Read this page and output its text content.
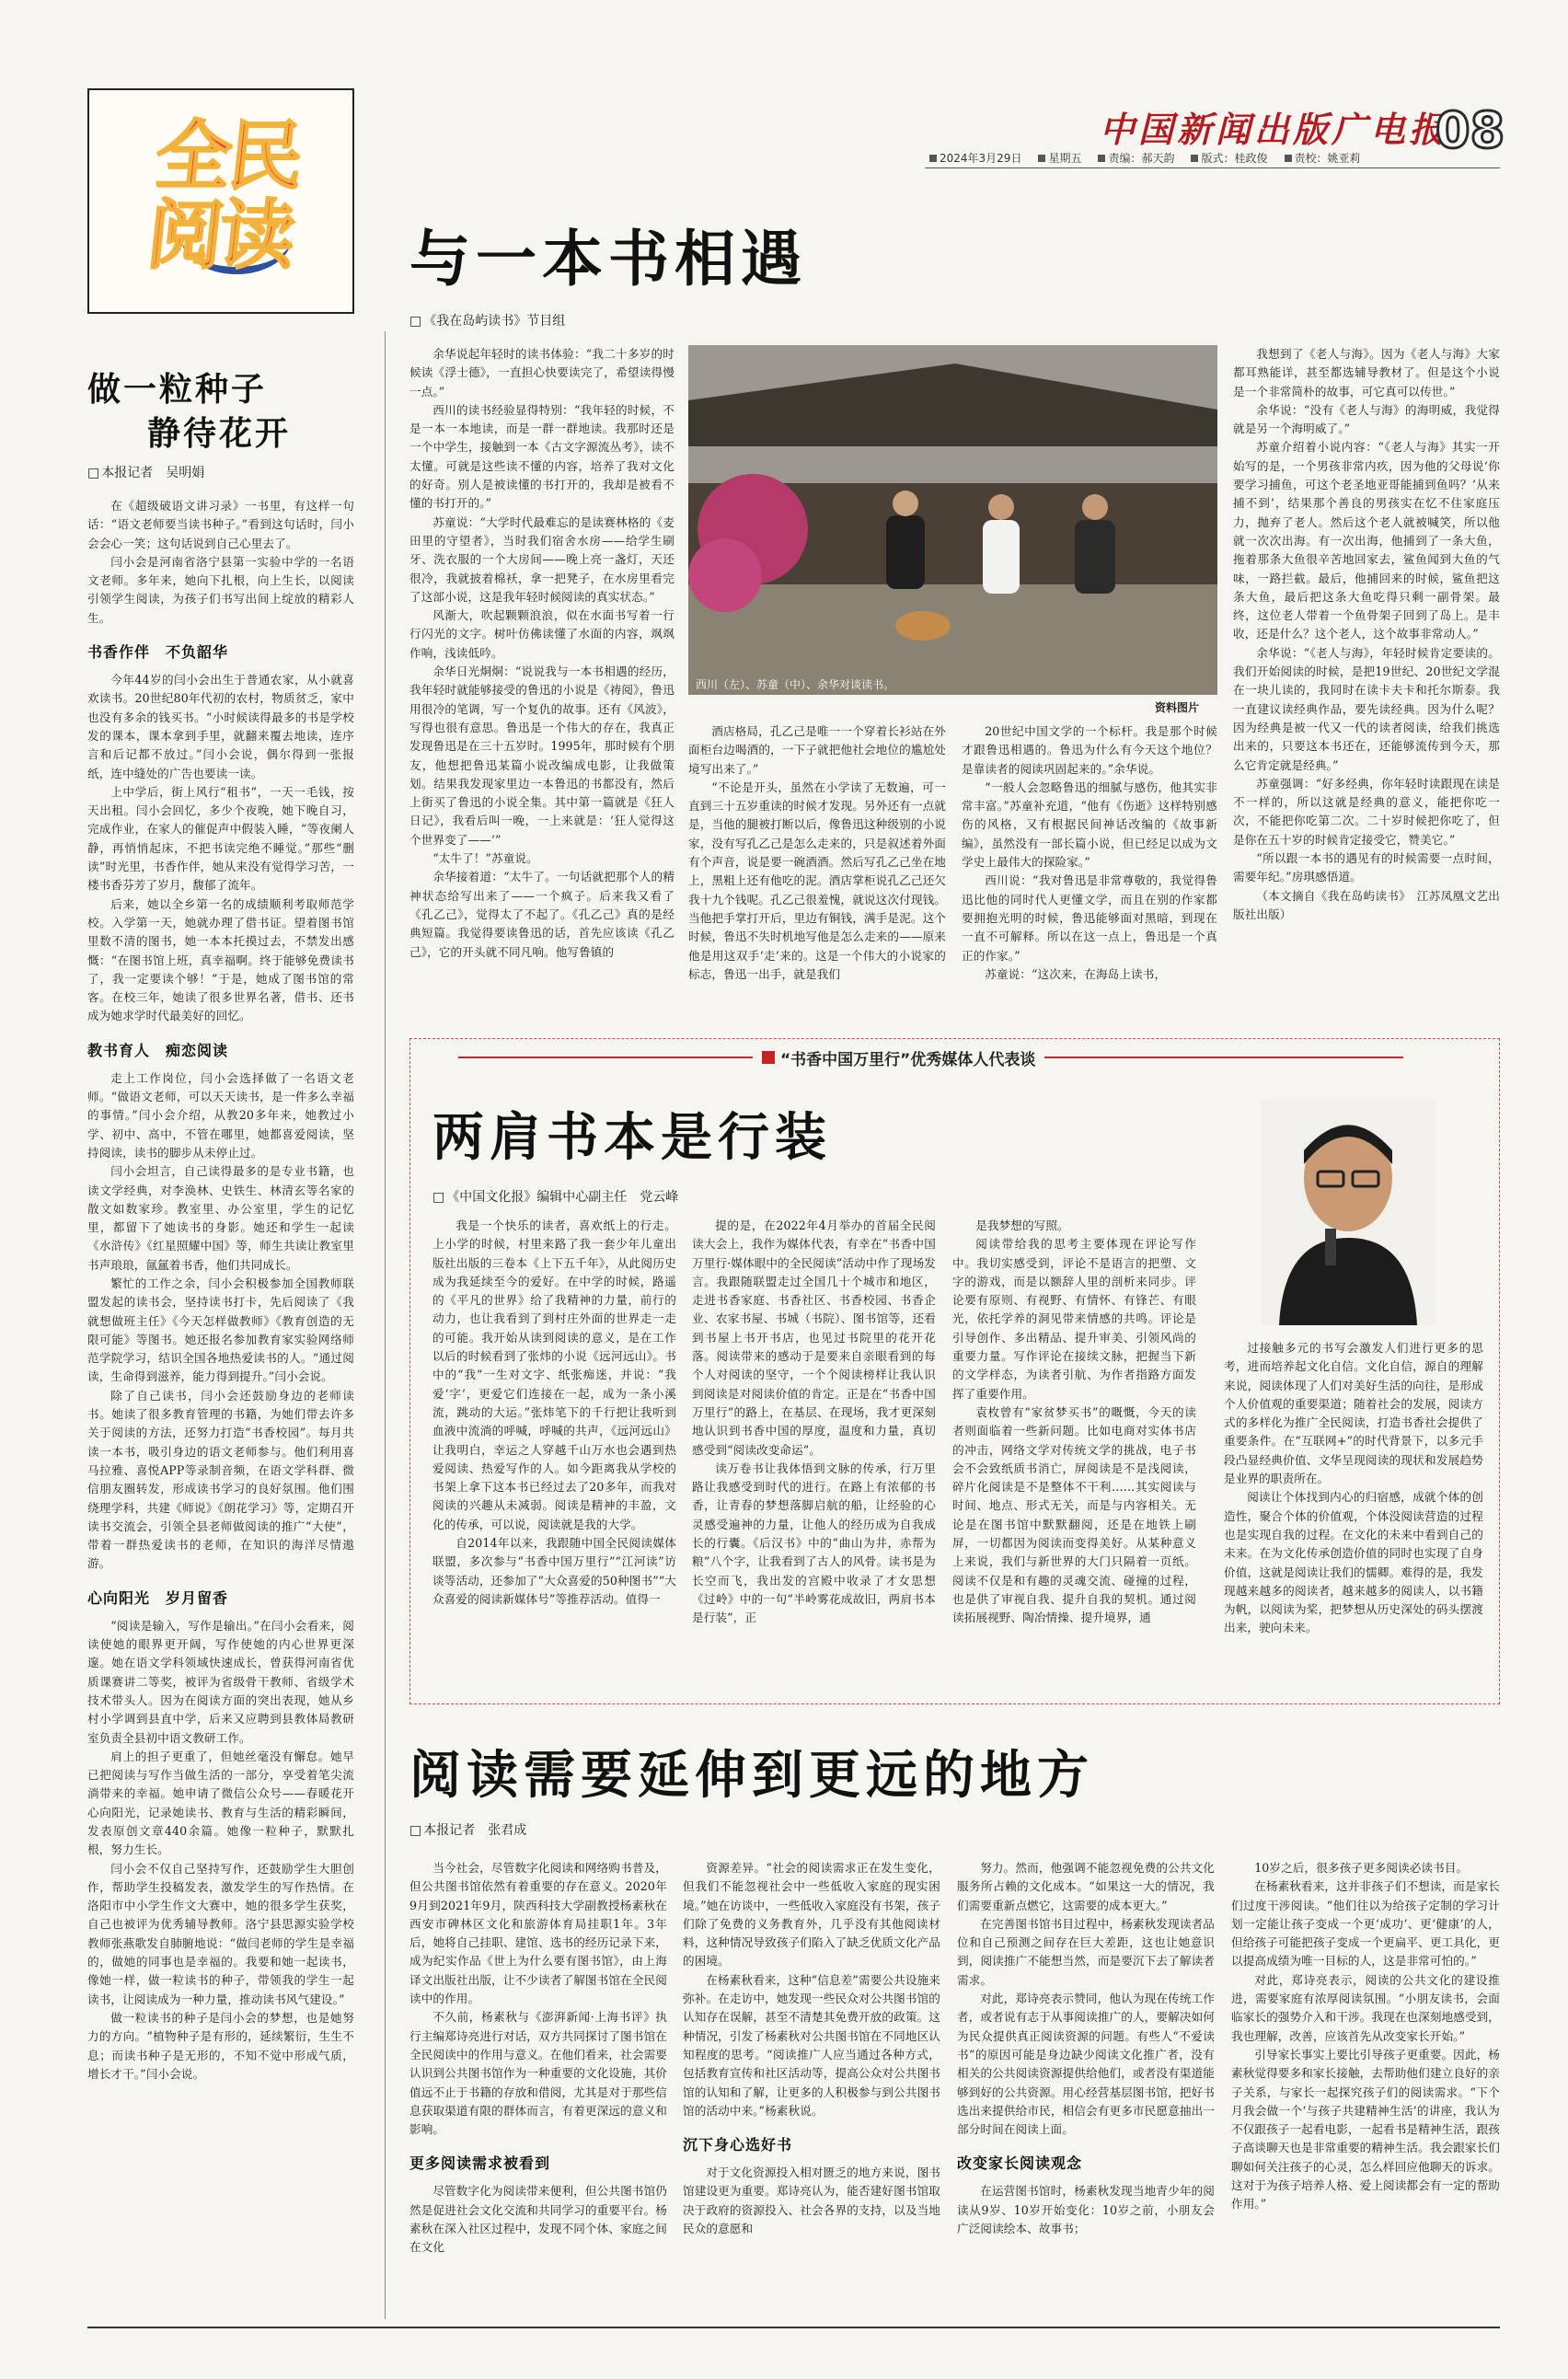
中国新闻出版广电报
08
2024年3月29日	星期五	责编：郝天韵	版式：桂政俊	责校：姚亚莉
全民阅读	与一本书相遇
□ 《我在岛屿读书》节目组
西川（左）、苏童（中）、余华对谈读书。
资料图片

余华说起年轻时的读书体验：“我二十多岁的时候读《浮士德》，一直担心快要读完了，希望读得慢一点。”

西川的读书经验显得特别：“我年轻的时候，不是一本一本地读，而是一群一群地读。我那时还是一个中学生，接触到一本《古文字源流丛考》，读不太懂。可就是这些读不懂的内容，培养了我对文化的好奇。别人是被读懂的书打开的，我却是被看不懂的书打开的。”

苏童说：“大学时代最难忘的是读赛林格的《麦田里的守望者》，当时我们宿舍水房——给学生刷牙、洗衣服的一个大房间——晚上亮一盏灯，天还很冷，我就披着棉袄，拿一把凳子，在水房里看完了这部小说，这是我年轻时候阅读的真实状态。”

风渐大，吹起颗颗浪浪，似在水面书写着一行行闪光的文字。树叶仿佛读懂了水面的内容，飒飒作响，浅读低吟。

余华日光烔烔：“说说我与一本书相遇的经历，我年轻时就能够接受的鲁迅的小说是《祷阅》，鲁迅用很冷的笔调，写一个复仇的故事。还有《风波》，写得也很有意思。鲁迅是一个伟大的存在，我真正发现鲁迅是在三十五岁时。1995年，那时候有个朋友，他想把鲁迅某篇小说改编成电影，让我做策划。结果我发现家里边一本鲁迅的书都没有，然后上街买了鲁迅的小说全集。其中第一篇就是《狂人日记》，我看后叫一晚，一上来就是：‘狂人觉得这个世界变了——’”

“太牛了！”苏童说。

余华接着道：“太牛了。一句话就把那个人的精神状态给写出来了——一个疯子。后来我又看了《孔乙己》，觉得太了不起了。《孔乙己》真的是经典短篇。我觉得要读鲁迅的话，首先应该读《孔乙己》，它的开头就不同凡响。他写鲁镇的

酒店格局，孔乙己是唯一一个穿着长衫站在外面柜台边喝酒的，一下子就把他社会地位的尴尬处境写出来了。”

“不论是开头，虽然在小学读了无数遍，可一直到三十五岁重读的时候才发现。另外还有一点就是，当他的腿被打断以后，像鲁迅这种级别的小说家，没有写孔乙己是怎么走来的，只是叙述着外面有个声音，说是要一碗酒酒。然后写孔乙己坐在地上，黑粗上还有他吃的泥。酒店掌柜说孔乙己还欠我十九个钱呢。孔乙己很羞愧，就说这次付现钱。当他把手掌打开后，里边有铜钱，满手是泥。这个时候，鲁迅不失时机地写他是怎么走来的——原来他是用这双手‘走’来的。这是一个伟大的小说家的标志，鲁迅一出手，就是我们

20世纪中国文学的一个标杆。我是那个时候才跟鲁迅相遇的。鲁迅为什么有今天这个地位？是靠读者的阅读巩固起来的。”余华说。

“一般人会忽略鲁迅的细腻与感伤，他其实非常丰富。”苏童补充道，“他有《伤逝》这样特别感伤的风格，又有根据民间神话改编的《故事新编》，虽然没有一部长篇小说，但已经足以成为文学史上最伟大的探险家。”

西川说：“我对鲁迅是非常尊敬的，我觉得鲁迅比他的同时代人更懂文学，而且在别的作家都要拥抱光明的时候，鲁迅能够面对黑暗，到现在一直不可解释。所以在这一点上，鲁迅是一个真正的作家。”

苏童说：“这次来，在海岛上读书，

我想到了《老人与海》。因为《老人与海》大家都耳熟能详，甚至都选辅导教材了。但是这个小说是一个非常简朴的故事，可它真可以传世。”

余华说：“没有《老人与海》的海明威，我觉得就是另一个海明威了。”

苏童介绍着小说内容：“《老人与海》其实一开始写的是，一个男孩非常内疚，因为他的父母说‘你要学习捕鱼，可这个老圣地亚哥能捕到鱼吗？’从来捕不到’，结果那个善良的男孩实在忆不住家庭压力，抛弃了老人。然后这个老人就被喊笑，所以他就一次次出海。有一次出海，他捕到了一条大鱼，拖着那条大鱼很辛苦地回家去，鲨鱼闻到大鱼的气味，一路拦截。最后，他捕回来的时候，鲨鱼把这条大鱼，最后把这条大鱼吃得只剩一副骨架。最终，这位老人带着一个鱼骨架子回到了岛上。是丰收，还是什么？这个老人，这个故事非常动人。”

余华说：“《老人与海》，年轻时候肯定要读的。我们开始阅读的时候，是把19世纪、20世纪文学混在一块儿读的，我同时在读卡夫卡和托尔斯泰。我一直建议读经典作品，要先读经典。因为什么呢？因为经典是被一代又一代的读者阅读，给我们挑选出来的，只要这本书还在，还能够流传到今天，那么它肯定就是经典。”

苏童强调：“好多经典，你年轻时读跟现在读是不一样的，所以这就是经典的意义，能把你吃一次，不能把你吃第二次。二十岁时候把你吃了，但是你在五十岁的时候肯定接受它，赞美它。”

“所以跟一本书的遇见有的时候需要一点时间，需要年纪。”房琪感悟道。

（本文摘自《我在岛屿读书》　江苏凤凰文艺出版社出版）

做一粒种子
静待花开
□ 本报记者　吴明娟

在《超级破语文讲习录》一书里，有这样一句话：“语文老师要当读书种子。”看到这句话时，闫小会会心一笑；这句话说到自己心里去了。

闫小会是河南省洛宁县第一实验中学的一名语文老师。多年来，她向下扎根，向上生长，以阅读引领学生阅读，为孩子们书写出间上绽放的精彩人生。

书香作伴　不负韶华

今年44岁的闫小会出生于普通农家，从小就喜欢读书。20世纪80年代初的农村，物质贫乏，家中也没有多余的钱买书。“小时候读得最多的书是学校发的课本，课本拿到手里，就翻来覆去地读，连序言和后记都不放过。”闫小会说，偶尔得到一张报纸，连中缝处的广告也要读一读。

上中学后，街上风行“租书”，一天一毛钱，按天出租。闫小会回忆，多少个夜晚，她下晚自习，完成作业，在家人的催促声中假装入睡，“等夜阑人静，再悄悄起床，不把书读完绝不睡觉。”那些“删读”时光里，书香作伴，她从来没有觉得学习苦，一楼书香芬芳了岁月，馥郁了流年。

后来，她以全乡第一名的成绩顺利考取师范学校。入学第一天，她就办理了借书证。望着图书馆里数不清的图书，她一本本托摸过去，不禁发出感慨：“在图书馆上班，真幸福啊。终于能够免费读书了，我一定要读个够！”于是，她成了图书馆的常客。在校三年，她读了很多世界名著，借书、还书成为她求学时代最美好的回忆。

教书育人　痴恋阅读

走上工作岗位，闫小会选择做了一名语文老师。“做语文老师，可以天天读书，是一件多么幸福的事情。”闫小会介绍，从教20多年来，她教过小学、初中、高中，不管在哪里，她都喜爱阅读，坚持阅读，读书的脚步从未停止过。

闫小会坦言，自己读得最多的是专业书籍，也读文学经典，对李涣林、史铁生、林清玄等名家的散文如数家珍。教室里、办公室里，学生的记忆里，都留下了她读书的身影。她还和学生一起读《水浒传》《红星照耀中国》等，师生共读让教室里书声琅琅，氤氲着书香，他们共同成长。

繁忙的工作之余，闫小会积极参加全国教师联盟发起的读书会，坚持读书打卡，先后阅读了《我就想做班主任》《今天怎样做教师》《教育创造的无限可能》等图书。她还报名参加教育家实验网络师范学院学习，结识全国各地热爱读书的人。“通过阅读，生命得到滋养，能力得到提升。”闫小会说。

除了自己读书，闫小会还鼓励身边的老师读书。她读了很多教育管理的书籍，为她们带去许多关于阅读的方法，还努力打造“书香校园”。每月共读一本书，吸引身边的语文老师参与。他们利用喜马拉雅、喜悦APP等录制音频，在语文学科群、微信朋友圈转发，形成读书学习的良好氛围。他们围绕理学科，共建《师说》《朗花学习》等，定期召开读书交流会，引领全县老师做阅读的推广“大使”，带着一群热爱读书的老师，在知识的海洋尽情遨游。

心向阳光　岁月留香

“阅读是输入，写作是输出。”在闫小会看来，阅读使她的眼界更开阔，写作使她的内心世界更深邃。她在语文学科领域快速成长，曾获得河南省优质课赛讲二等奖，被评为省级骨干教师、省级学术技术带头人。因为在阅读方面的突出表现，她从乡村小学调到县直中学，后来又应聘到县教体局教研室负责全县初中语文教研工作。

肩上的担子更重了，但她丝毫没有懈怠。她早已把阅读与写作当做生活的一部分，享受着笔尖流淌带来的幸福。她申请了微信公众号——春暖花开心向阳光，记录她读书、教育与生活的精彩瞬间，发表原创文章440余篇。她像一粒种子，默默扎根，努力生长。

闫小会不仅自己坚持写作，还鼓励学生大胆创作，帮助学生投稿发表，激发学生的写作热情。在洛阳市中小学生作文大赛中，她的很多学生获奖，自己也被评为优秀辅导教师。洛宁县思源实验学校教师张燕歌发自肺腑地说：“做闫老师的学生是幸福的，做她的同事也是幸福的。我要和她一起读书，像她一样，做一粒读书的种子，带领我的学生一起读书，让阅读成为一种力量，推动读书风气建设。”

做一粒读书的种子是闫小会的梦想，也是她努力的方向。“植物种子是有形的，延续繁衍，生生不息；而读书种子是无形的，不知不觉中形成气质，增长才干。”闫小会说。

“书香中国万里行”优秀媒体人代表谈
两肩书本是行装
□ 《中国文化报》编辑中心副主任　党云峰

我是一个快乐的读者，喜欢纸上的行走。上小学的时候，村里来路了我一套少年儿童出版社出版的三卷本《上下五千年》，从此阅历史成为我延续至今的爱好。在中学的时候，路遥的《平凡的世界》给了我精神的力量，前行的动力，也让我看到了到村庄外面的世界走一走的可能。我开始从读到阅读的意义，是在工作以后的时候看到了张炜的小说《远河远山》。书中的“我”一生对文字、纸张痴迷，并说：“我爱‘字’，更爱它们连接在一起，成为一条小溪流，跳动的大运。”张炜笔下的千行把让我听到血液中流淌的呼喊，呼喊的共声，《远河远山》让我明白，幸运之人穿越千山万水也会遇到热爱阅读、热爱写作的人。如今距离我从学校的书架上拿下这本书已经过去了20多年，而我对阅读的兴趣从未减弱。阅读是精神的丰盈，文化的传承，可以说，阅读就是我的大学。

自2014年以来，我跟随中国全民阅读媒体联盟，多次参与“书香中国万里行”“江河读”访谈等活动，还参加了“大众喜爱的50种图书”“大众喜爱的阅读新媒体号”等推荐活动。值得一

提的是，在2022年4月举办的首届全民阅读大会上，我作为媒体代表，有幸在“书香中国万里行·媒体眼中的全民阅读”活动中作了现场发言。我跟随联盟走过全国几十个城市和地区，走进书香家庭、书香社区、书香校园、书香企业、农家书屋、书城（书院）、图书馆等，还看到书屋上书开书店，也见过书院里的花开花落。阅读带来的感动于是要来自亲眼看到的每个人对阅读的坚守，一个个阅读榜样让我认识到阅读是对阅读价值的肯定。正是在“书香中国万里行”的路上，在基层、在现场，我才更深刻地认识到书香中国的厚度，温度和力量，真切感受到“阅读改变命运”。

读万卷书让我体悟到文脉的传承，行万里路让我感受到时代的进行。在路上有浓郁的书香，让青春的梦想落脚启航的船，让经验的心灵感受遍神的力量，让他人的经历成为自我成长的行囊。《后汉书》中的“曲山为井，赤帮为粮”八个字，让我看到了古人的风骨。读书是为长空而飞，我出发的宫殿中收录了才女思想《过岭》中的一句“半岭雾花成故旧，两肩书本是行装”，正

是我梦想的写照。

阅读带给我的思考主要体现在评论写作中。我切实感受到，评论不是语言的把塑、文字的游戏，而是以额辞人里的剖析来同步。评论要有原则、有视野、有情怀、有锋芒、有眼光，依托学养的洞见带来情感的共鸣。评论是引导创作、多出精品、提升审美、引领风尚的重要力量。写作评论在接续文脉，把握当下新的文学样态，为读者引航、为作者指路方面发挥了重要作用。

袁枚曾有“家贫梦买书”的嘅慨，今天的读者则面临着一些新问题。比如电商对实体书店的冲击，网络文学对传统文学的挑战，电子书会不会致纸质书消亡，屏阅读是不是浅阅读，碎片化阅读是不是整体不干利……其实阅读与时间、地点、形式无关，而是与内容相关。无论是在图书馆中默默翻阅，还是在地铁上刷屏，一切都因为阅读而变得美好。从某种意义上来说，我们与新世界的大门只隔着一页纸。阅读不仅是和有趣的灵魂交流、碰撞的过程，也是供了审视自我、提升自我的契机。通过阅读拓展视野、陶冶情操、提升境界，通

过接触多元的书写会激发人们进行更多的思考，进而培养起文化自信。文化自信，源自的理解来说，阅读体现了人们对美好生活的向往，是形成个人价值观的重要渠道；随着社会的发展，阅读方式的多样化为推广全民阅读，打造书香社会提供了重要条件。在“互联网+”的时代背景下，以多元手段凸显经典价值、文华呈现阅读的现状和发展趋势是业界的职责所在。

阅读让个体找到内心的归宿感，成就个体的创造性，聚合个体的价值观，个体没阅读营造的过程也是实现自我的过程。在文化的未来中看到自己的未来。在为文化传承创造价值的同时也实现了自身价值，这就是阅读让我们的懦卿。难得的是，我发现越来越多的阅读者，越来越多的阅读人，以书籍为帆，以阅读为桨，把梦想从历史深处的码头摆渡出来，驶向未来。

阅读需要延伸到更远的地方
□ 本报记者　张君成

当今社会，尽管数字化阅读和网络购书普及，但公共图书馆依然有着重要的存在意义。2020年9月到2021年9月，陕西科技大学副教授杨素秋在西安市碑林区文化和旅游体育局挂职1年。3年后，她将自己挂职、建馆、选书的经历记录下来，成为纪实作品《世上为什么要有图书馆》，由上海译文出版社出版，让不少读者了解图书馆在全民阅读中的作用。

不久前，杨素秋与《澎湃新闻·上海书评》执行主编郑诗亮进行对话，双方共同探讨了图书馆在全民阅读中的作用与意义。在他们看来，社会需要认识到公共图书馆作为一种重要的文化设施，其价值远不止于书籍的存放和借阅，尤其是对于那些信息获取渠道有限的群体而言，有着更深远的意义和影响。

更多阅读需求被看到

尽管数字化为阅读带来便利，但公共图书馆仍然是促进社会文化交流和共同学习的重要平台。杨素秋在深入社区过程中，发现不同个体、家庭之间在文化

资源差异。“社会的阅读需求正在发生变化，但我们不能忽视社会中一些低收入家庭的现实困境。”她在访谈中，一些低收入家庭没有书架，孩子们除了免费的义务教育外，几乎没有其他阅读材料，这种情况导致孩子们陷入了缺乏优质文化产品的困境。

在杨素秋看来，这种“信息差”需要公共设施来弥补。在走访中，她发现一些民众对公共图书馆的认知存在误解，甚至不清楚其免费开放的政策。这种情况，引发了杨素秋对公共图书馆在不同地区认知程度的思考。“阅读推广人应当通过各种方式，包括教育宣传和社区活动等，提高公众对公共图书馆的认知和了解，让更多的人积极参与到公共图书馆的活动中来。”杨素秋说。

沉下身心选好书

对于文化资源投入相对匮乏的地方来说，图书馆建设更为重要。郑诗亮认为，能否建好图书馆取决于政府的资源投入、社会各界的支持，以及当地民众的意愿和

努力。然而，他强调不能忽视免费的公共文化服务所占赖的文化成本。“如果这一大的情况，我们需要重新点燃它，这需要的成本更大。”

在完善图书馆书目过程中，杨素秋发现读者品位和自己预测之间存在巨大差距，这也让她意识到，阅读推广不能想当然，而是要沉下去了解读者需求。

对此，郑诗亮表示赞同，他认为现在传统工作者，或者说有志于从事阅读推广的人，要解决如何为民众提供真正阅读资源的问题。有些人“不爱读书”的原因可能是身边缺少阅读文化推广者，没有相关的公共阅读资源提供给他们，或者没有渠道能够到好的公共资源。用心经营基层图书馆，把好书选出来提供给市民，相信会有更多市民愿意抽出一部分时间在阅读上面。

改变家长阅读观念

在运营图书馆时，杨素秋发现当地青少年的阅读从9岁、10岁开始变化：10岁之前，小朋友会广泛阅读绘本、故事书；

10岁之后，很多孩子更多阅读必读书目。

在杨素秋看来，这并非孩子们不想读，而是家长们过度干涉阅读。“他们往以为给孩子定制的学习计划一定能让孩子变成一个更‘成功’、更‘健康’的人，但给孩子可能把孩子变成一个更扁平、更工具化，更以提高成绩为唯一目标的人，这是非常可怕的。”

对此，郑诗亮表示，阅读的公共文化的建设推进，需要家庭有浓厚阅读氛围。“小朋友读书，会面临家长的强势介入和干涉。我现在也深刻地感受到，我也理解，改善，应该首先从改变家长开始。”

引导家长事实上要比引导孩子更重要。因此，杨素秋觉得要多和家长接触，去帮助他们建立良好的亲子关系，与家长一起探究孩子们的阅读需求。“下个月我会做一个‘与孩子共建精神生活’的讲座，我认为不仅跟孩子一起看电影，一起看书是精神生活，跟孩子高谈聊天也是非常重要的精神生活。我会跟家长们聊如何关注孩子的心灵，怎么样回应他聊天的诉求。这对于为孩子培养人格、爱上阅读都会有一定的帮助作用。”
